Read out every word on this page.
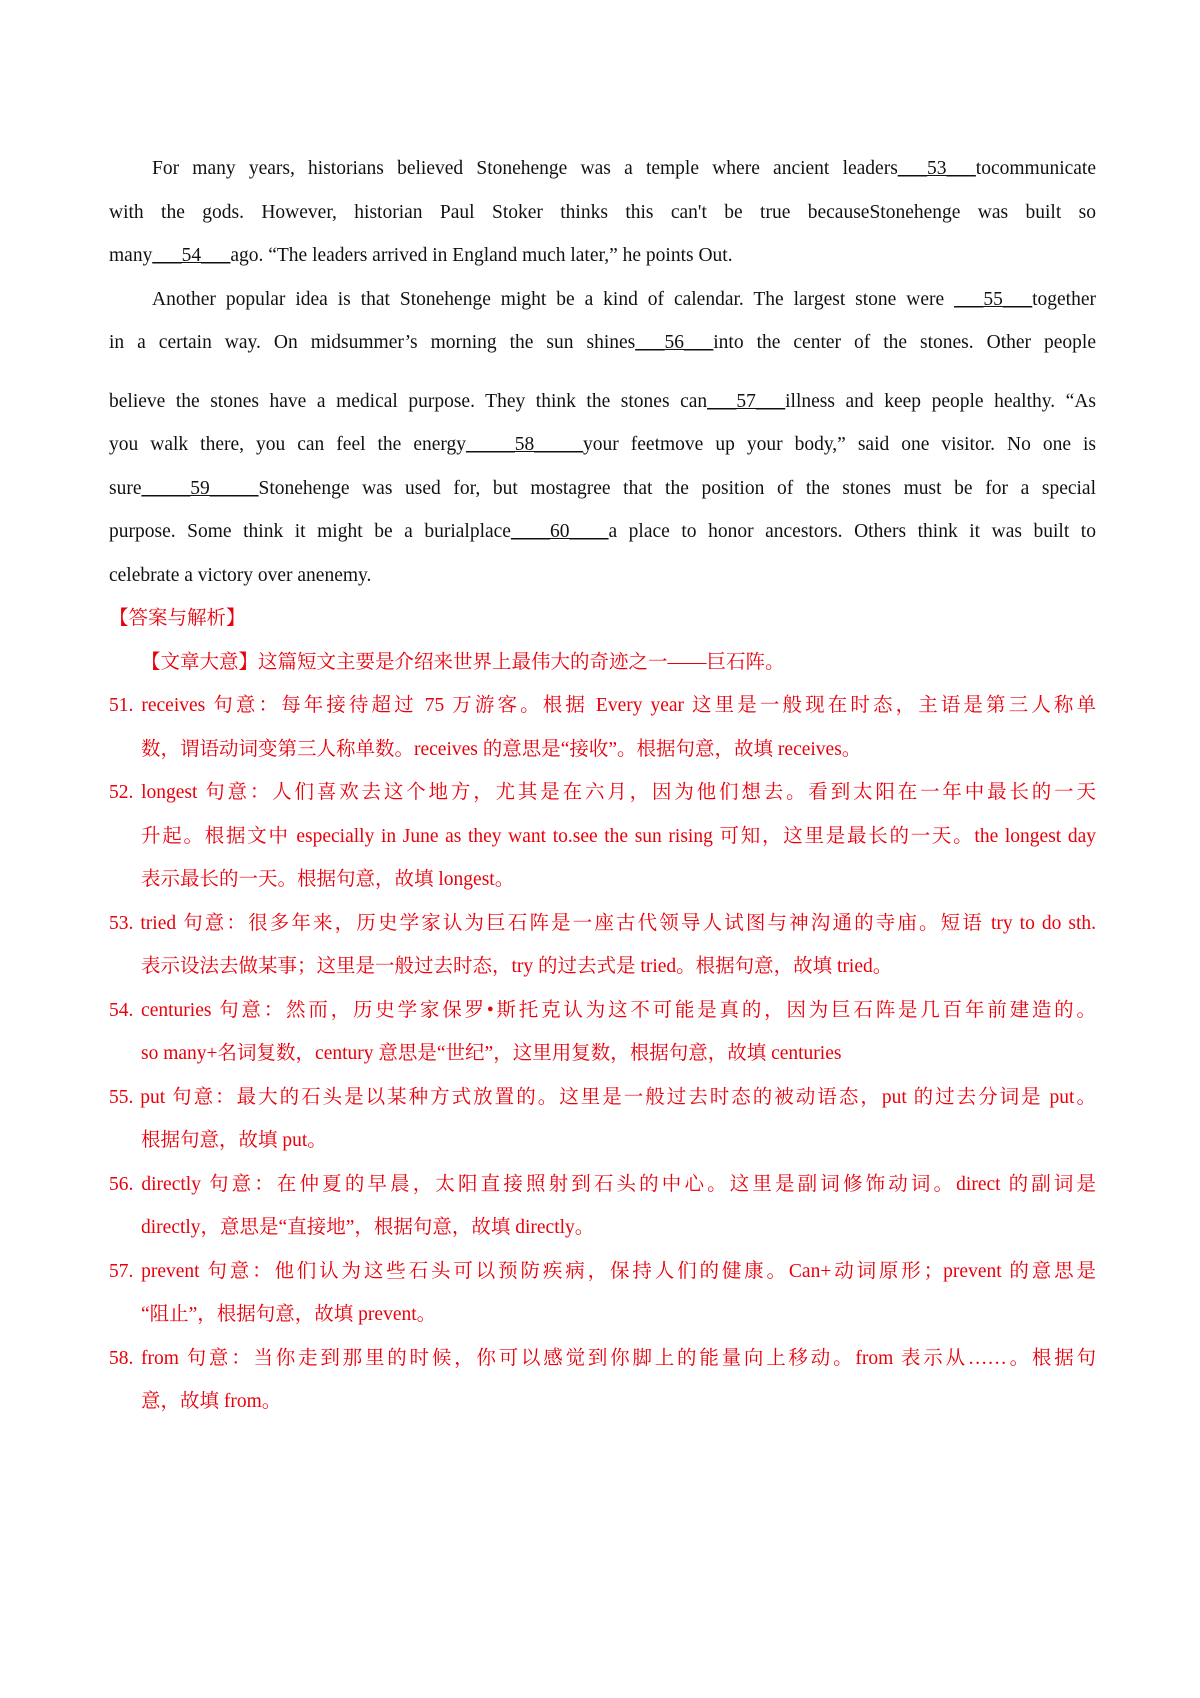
For many years, historians believed Stonehenge was a temple where ancient leaders___53___tocommunicate
with the gods. However, historian Paul Stoker thinks this can't be true becauseStonehenge was built so
many___54___ago. “The leaders arrived in England much later,” he points Out.
Another popular idea is that Stonehenge might be a kind of calendar. The largest stone were ___55___together
in a certain way. On midsummer’s morning the sun shines___56___into the center of the stones. Other people
believe the stones have a medical purpose. They think the stones can___57___illness and keep people healthy. “As
you walk there, you can feel the energy_____58_____your feetmove up your body,” said one visitor. No one is
sure_____59_____Stonehenge was used for, but mostagree that the position of the stones must be for a special
purpose. Some think it might be a burialplace____60____a place to honor ancestors. Others think it was built to
celebrate a victory over anenemy.
【答案与解析】
【文章大意】这篇短文主要是介绍来世界上最伟大的奇迹之一——巨石阵。
51. receives 句意：每年接待超过 75 万游客。根据 Every year 这里是一般现在时态，主语是第三人称单
数，谓语动词变第三人称单数。receives 的意思是“接收”。根据句意，故填 receives。
52. longest 句意：人们喜欢去这个地方，尤其是在六月，因为他们想去。看到太阳在一年中最长的一天
升起。根据文中 especially in June as they want to.see the sun rising 可知，这里是最长的一天。the longest day
表示最长的一天。根据句意，故填 longest。
53. tried 句意：很多年来，历史学家认为巨石阵是一座古代领导人试图与神沟通的寺庙。短语 try to do sth.
表示设法去做某事；这里是一般过去时态，try 的过去式是 tried。根据句意，故填 tried。
54. centuries 句意：然而，历史学家保罗•斯托克认为这不可能是真的，因为巨石阵是几百年前建造的。
so many+名词复数，century 意思是“世纪”，这里用复数，根据句意，故填 centuries
55. put 句意：最大的石头是以某种方式放置的。这里是一般过去时态的被动语态，put 的过去分词是 put。
根据句意，故填 put。
56. directly 句意：在仲夏的早晨，太阳直接照射到石头的中心。这里是副词修饰动词。direct 的副词是
directly，意思是“直接地”，根据句意，故填 directly。
57. prevent 句意：他们认为这些石头可以预防疾病，保持人们的健康。Can+动词原形；prevent 的意思是
“阻止”，根据句意，故填 prevent。
58. from 句意：当你走到那里的时候，你可以感觉到你脚上的能量向上移动。from 表示从……。根据句
意，故填 from。
